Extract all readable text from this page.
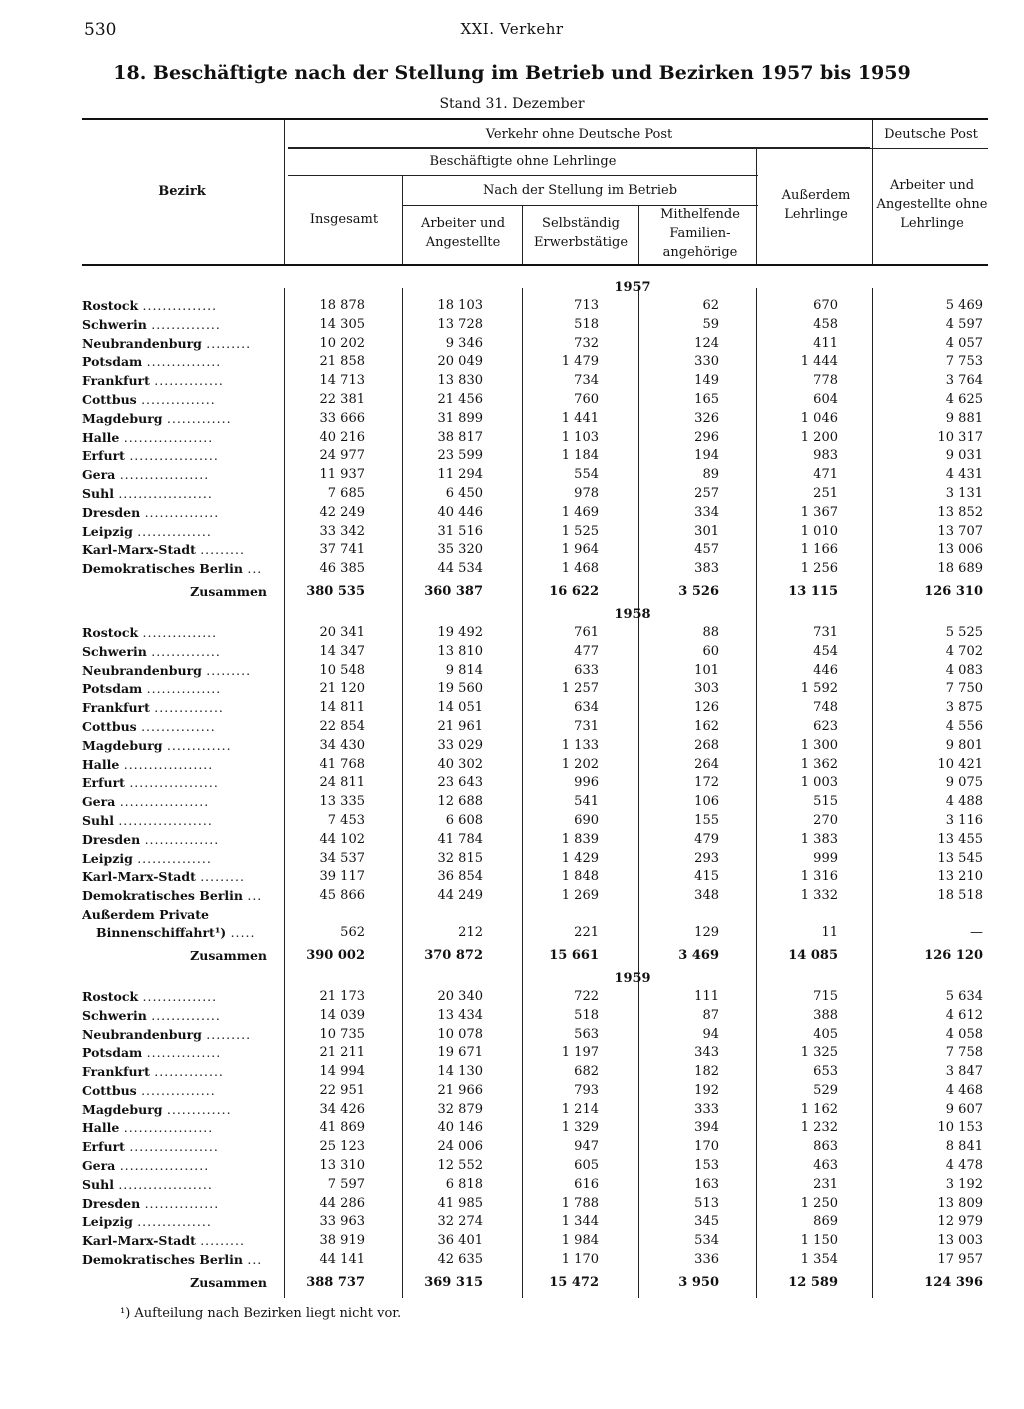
530	XXI. Verkehr
18. Beschäftigte nach der Stellung im Betrieb und Bezirken 1957 bis 1959
Stand 31. Dezember
Bezirk
Verkehr ohne Deutsche Post	Deutsche Post
Beschäftigte ohne Lehrlinge
Nach der Stellung im Betrieb
Insgesamt	Arbeiter und Angestellte
Selbständig Erwerbstätige
Mithelfende Familien-angehörige
Außerdem Lehrlinge
Arbeiter und Angestellte ohne Lehrlinge
1957
Rostock ...............	18 878	18 103	713	62	670	5 469
Schwerin ..............	14 305	13 728	518	59	458	4 597
Neubrandenburg .........	10 202	9 346	732	124	411	4 057
Potsdam ...............	21 858	20 049	1 479	330	1 444	7 753
Frankfurt ..............	14 713	13 830	734	149	778	3 764
Cottbus ...............	22 381	21 456	760	165	604	4 625
Magdeburg .............	33 666	31 899	1 441	326	1 046	9 881
Halle ..................	40 216	38 817	1 103	296	1 200	10 317
Erfurt ..................	24 977	23 599	1 184	194	983	9 031
Gera ..................	11 937	11 294	554	89	471	4 431
Suhl ...................	7 685	6 450	978	257	251	3 131
Dresden ...............	42 249	40 446	1 469	334	1 367	13 852
Leipzig ...............	33 342	31 516	1 525	301	1 010	13 707
Karl-Marx-Stadt .........	37 741	35 320	1 964	457	1 166	13 006
Demokratisches Berlin ...	46 385	44 534	1 468	383	1 256	18 689
Zusammen	380 535	360 387	16 622	3 526	13 115	126 310
1958
Rostock ...............	20 341	19 492	761	88	731	5 525
Schwerin ..............	14 347	13 810	477	60	454	4 702
Neubrandenburg .........	10 548	9 814	633	101	446	4 083
Potsdam ...............	21 120	19 560	1 257	303	1 592	7 750
Frankfurt ..............	14 811	14 051	634	126	748	3 875
Cottbus ...............	22 854	21 961	731	162	623	4 556
Magdeburg .............	34 430	33 029	1 133	268	1 300	9 801
Halle ..................	41 768	40 302	1 202	264	1 362	10 421
Erfurt ..................	24 811	23 643	996	172	1 003	9 075
Gera ..................	13 335	12 688	541	106	515	4 488
Suhl ...................	7 453	6 608	690	155	270	3 116
Dresden ...............	44 102	41 784	1 839	479	1 383	13 455
Leipzig ...............	34 537	32 815	1 429	293	999	13 545
Karl-Marx-Stadt .........	39 117	36 854	1 848	415	1 316	13 210
Demokratisches Berlin ...	45 866	44 249	1 269	348	1 332	18 518
Außerdem Private
Binnenschiffahrt¹) .....	562	212	221	129	11	—
Zusammen	390 002	370 872	15 661	3 469	14 085	126 120
1959
Rostock ...............	21 173	20 340	722	111	715	5 634
Schwerin ..............	14 039	13 434	518	87	388	4 612
Neubrandenburg .........	10 735	10 078	563	94	405	4 058
Potsdam ...............	21 211	19 671	1 197	343	1 325	7 758
Frankfurt ..............	14 994	14 130	682	182	653	3 847
Cottbus ...............	22 951	21 966	793	192	529	4 468
Magdeburg .............	34 426	32 879	1 214	333	1 162	9 607
Halle ..................	41 869	40 146	1 329	394	1 232	10 153
Erfurt ..................	25 123	24 006	947	170	863	8 841
Gera ..................	13 310	12 552	605	153	463	4 478
Suhl ...................	7 597	6 818	616	163	231	3 192
Dresden ...............	44 286	41 985	1 788	513	1 250	13 809
Leipzig ...............	33 963	32 274	1 344	345	869	12 979
Karl-Marx-Stadt .........	38 919	36 401	1 984	534	1 150	13 003
Demokratisches Berlin ...	44 141	42 635	1 170	336	1 354	17 957
Zusammen	388 737	369 315	15 472	3 950	12 589	124 396
¹) Aufteilung nach Bezirken liegt nicht vor.
